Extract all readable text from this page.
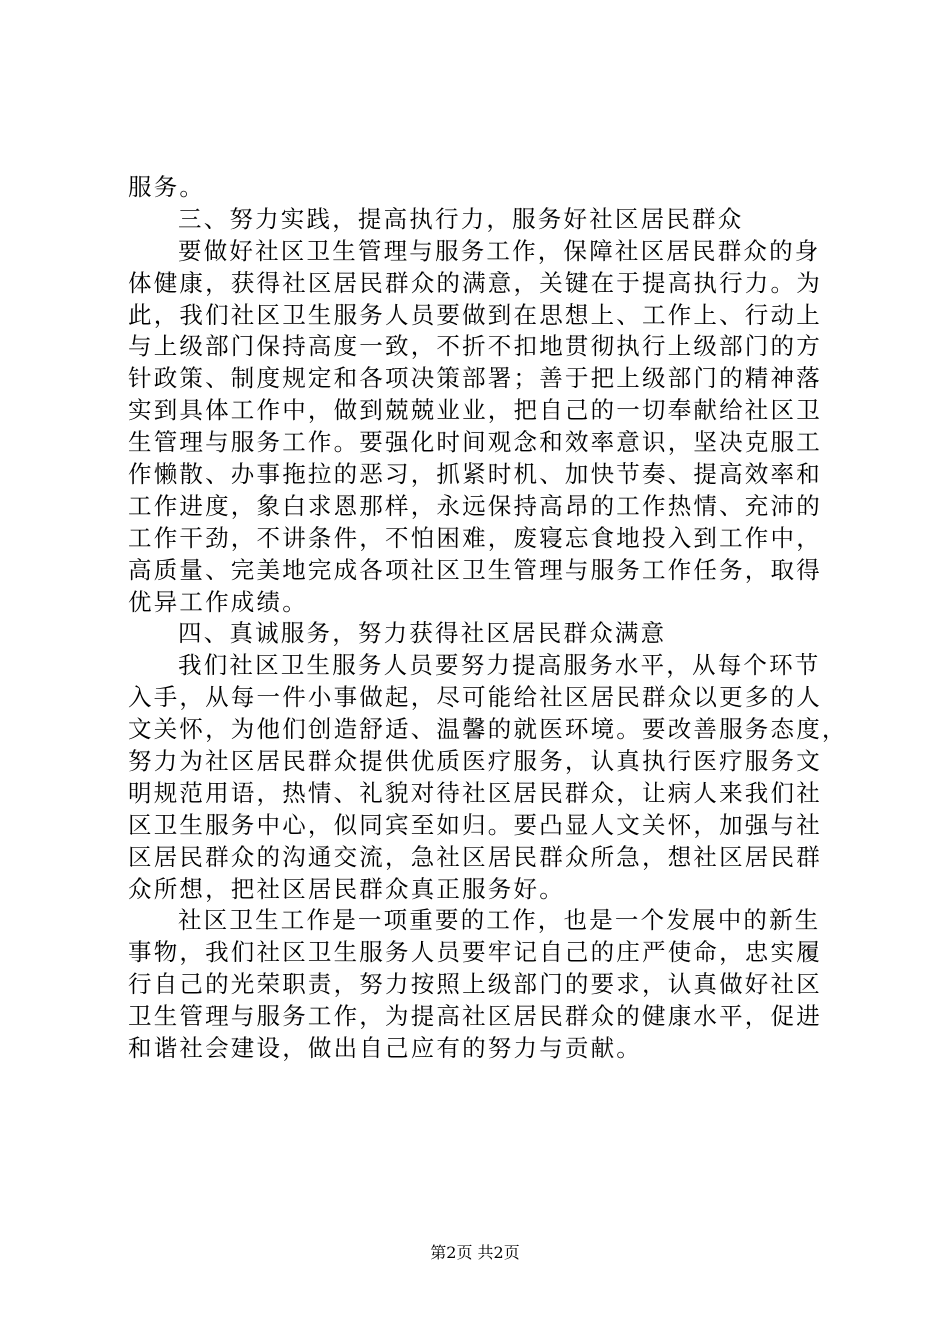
服务。
三、努力实践，提高执行力，服务好社区居民群众
要做好社区卫生管理与服务工作，保障社区居民群众的身
体健康，获得社区居民群众的满意，关键在于提高执行力。为
此，我们社区卫生服务人员要做到在思想上、工作上、行动上
与上级部门保持高度一致，不折不扣地贯彻执行上级部门的方
针政策、制度规定和各项决策部署；善于把上级部门的精神落
实到具体工作中，做到兢兢业业，把自己的一切奉献给社区卫
生管理与服务工作。要强化时间观念和效率意识，坚决克服工
作懒散、办事拖拉的恶习，抓紧时机、加快节奏、提高效率和
工作进度，象白求恩那样，永远保持高昂的工作热情、充沛的
工作干劲，不讲条件，不怕困难，废寝忘食地投入到工作中，
高质量、完美地完成各项社区卫生管理与服务工作任务，取得
优异工作成绩。
四、真诚服务，努力获得社区居民群众满意
我们社区卫生服务人员要努力提高服务水平，从每个环节
入手，从每一件小事做起，尽可能给社区居民群众以更多的人
文关怀，为他们创造舒适、温馨的就医环境。要改善服务态度，
努力为社区居民群众提供优质医疗服务，认真执行医疗服务文
明规范用语，热情、礼貌对待社区居民群众，让病人来我们社
区卫生服务中心，似同宾至如归。要凸显人文关怀，加强与社
区居民群众的沟通交流，急社区居民群众所急，想社区居民群
众所想，把社区居民群众真正服务好。
社区卫生工作是一项重要的工作，也是一个发展中的新生
事物，我们社区卫生服务人员要牢记自己的庄严使命，忠实履
行自己的光荣职责，努力按照上级部门的要求，认真做好社区
卫生管理与服务工作，为提高社区居民群众的健康水平，促进
和谐社会建设，做出自己应有的努力与贡献。
第2页 共2页
